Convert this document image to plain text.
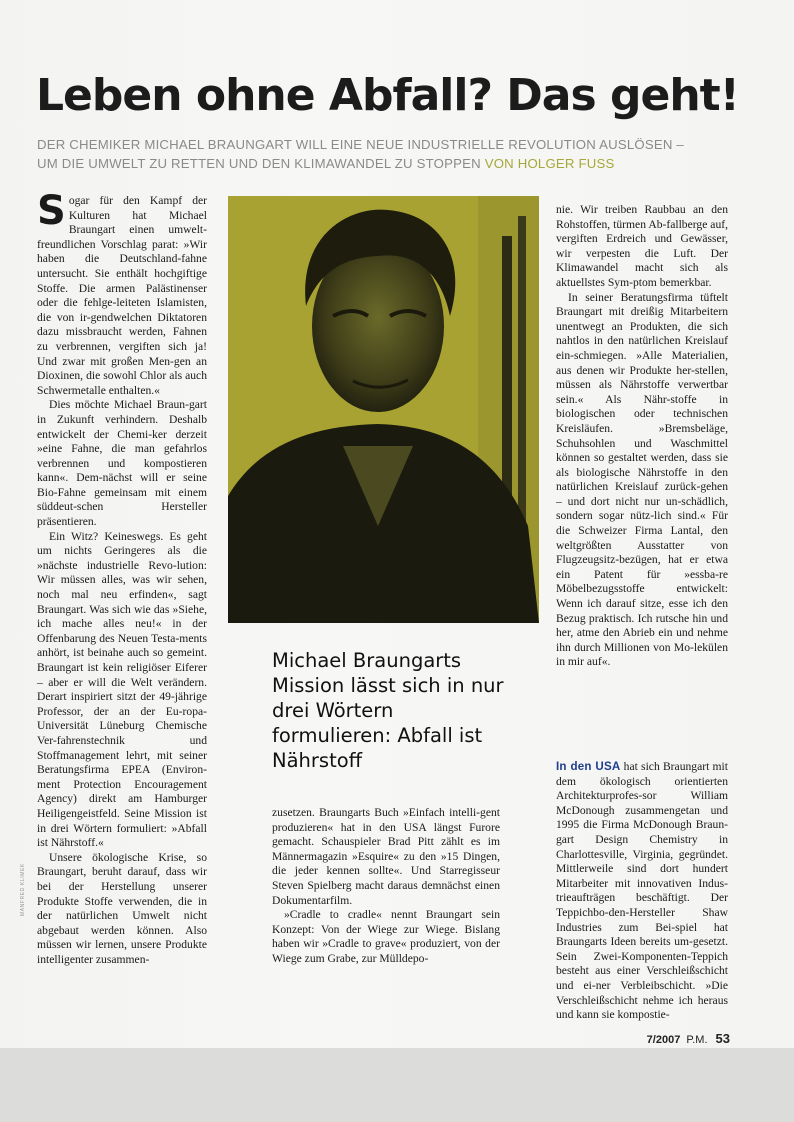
Leben ohne Abfall? Das geht!
DER CHEMIKER MICHAEL BRAUNGART WILL EINE NEUE INDUSTRIELLE REVOLUTION AUSLÖSEN –
UM DIE UMWELT ZU RETTEN UND DEN KLIMAWANDEL ZU STOPPEN VON HOLGER FUSS

Sogar für den Kampf der Kulturen hat Michael Braungart einen umwelt-freundlichen Vorschlag parat: »Wir haben die Deutschland-fahne untersucht. Sie enthält hochgiftige Stoffe. Die armen Palästinenser oder die fehlge-leiteten Islamisten, die von ir-gendwelchen Diktatoren dazu missbraucht werden, Fahnen zu verbrennen, vergiften sich ja! Und zwar mit großen Men-gen an Dioxinen, die sowohl Chlor als auch Schwermetalle enthalten.«

Dies möchte Michael Braun-gart in Zukunft verhindern. Deshalb entwickelt der Chemi-ker derzeit »eine Fahne, die man gefahrlos verbrennen und kompostieren kann«. Dem-nächst will er seine Bio-Fahne gemeinsam mit einem süddeut-schen Hersteller präsentieren.

Ein Witz? Keineswegs. Es geht um nichts Geringeres als die »nächste industrielle Revo-lution: Wir müssen alles, was wir sehen, noch mal neu erfinden«, sagt Braungart. Was sich wie das »Siehe, ich mache alles neu!« in der Offenbarung des Neuen Testa-ments anhört, ist beinahe auch so gemeint. Braungart ist kein religiöser Eiferer – aber er will die Welt verändern. Derart inspiriert sitzt der 49-jährige Professor, der an der Eu-ropa-Universität Lüneburg Chemische Ver-fahrenstechnik und Stoffmanagement lehrt, mit seiner Beratungsfirma EPEA (Environ-ment Protection Encouragement Agency) direkt am Hamburger Heiligengeistfeld. Seine Mission ist in drei Wörtern formuliert: »Abfall ist Nährstoff.«

Unsere ökologische Krise, so Braungart, beruht darauf, dass wir bei der Herstellung unserer Produkte Stoffe verwenden, die in der natürlichen Umwelt nicht abgebaut werden können. Also müssen wir lernen, unsere Produkte intelligenter zusammen-

Michael Braungarts Mission lässt sich in nur drei Wörtern formulieren: Abfall ist Nährstoff

zusetzen. Braungarts Buch »Einfach intelli-gent produzieren« hat in den USA längst Furore gemacht. Schauspieler Brad Pitt zählt es im Männermagazin »Esquire« zu den »15 Dingen, die jeder kennen sollte«. Und Starregisseur Steven Spielberg macht daraus demnächst einen Dokumentarfilm.

»Cradle to cradle« nennt Braungart sein Konzept: Von der Wiege zur Wiege. Bislang haben wir »Cradle to grave« produziert, von der Wiege zum Grabe, zur Mülldepo-

nie. Wir treiben Raubbau an den Rohstoffen, türmen Ab-fallberge auf, vergiften Erdreich und Gewässer, wir verpesten die Luft. Der Klimawandel macht sich als aktuellstes Sym-ptom bemerkbar.

In seiner Beratungsfirma tüftelt Braungart mit dreißig Mitarbeitern unentwegt an Produkten, die sich nahtlos in den natürlichen Kreislauf ein-schmiegen. »Alle Materialien, aus denen wir Produkte her-stellen, müssen als Nährstoffe verwertbar sein.« Als Nähr-stoffe in biologischen oder technischen Kreisläufen. »Bremsbeläge, Schuhsohlen und Waschmittel können so gestaltet werden, dass sie als biologische Nährstoffe in den natürlichen Kreislauf zurück-gehen – und dort nicht nur un-schädlich, sondern sogar nütz-lich sind.« Für die Schweizer Firma Lantal, den weltgrößten Ausstatter von Flugzeugsitz-bezügen, hat er etwa ein Patent für »essba-re Möbelbezugsstoffe entwickelt: Wenn ich darauf sitze, esse ich den Bezug praktisch. Ich rutsche hin und her, atme den Abrieb ein und nehme ihn durch Millionen von Mo-lekülen in mir auf«.

In den USA hat sich Braungart mit dem ökologisch orientierten Architekturprofes-sor William McDonough zusammengetan und 1995 die Firma McDonough Braun-gart Design Chemistry in Charlottesville, Virginia, gegründet. Mittlerweile sind dort hundert Mitarbeiter mit innovativen Indus-trieaufträgen beschäftigt. Der Teppichbo-den-Hersteller Shaw Industries zum Bei-spiel hat Braungarts Ideen bereits um-gesetzt. Sein Zwei-Komponenten-Teppich besteht aus einer Verschleißschicht und ei-ner Verbleibschicht. »Die Verschleißschicht nehme ich heraus und kann sie kompostie-

MANFRED KLIMEK
7/2007 P.M. 53
